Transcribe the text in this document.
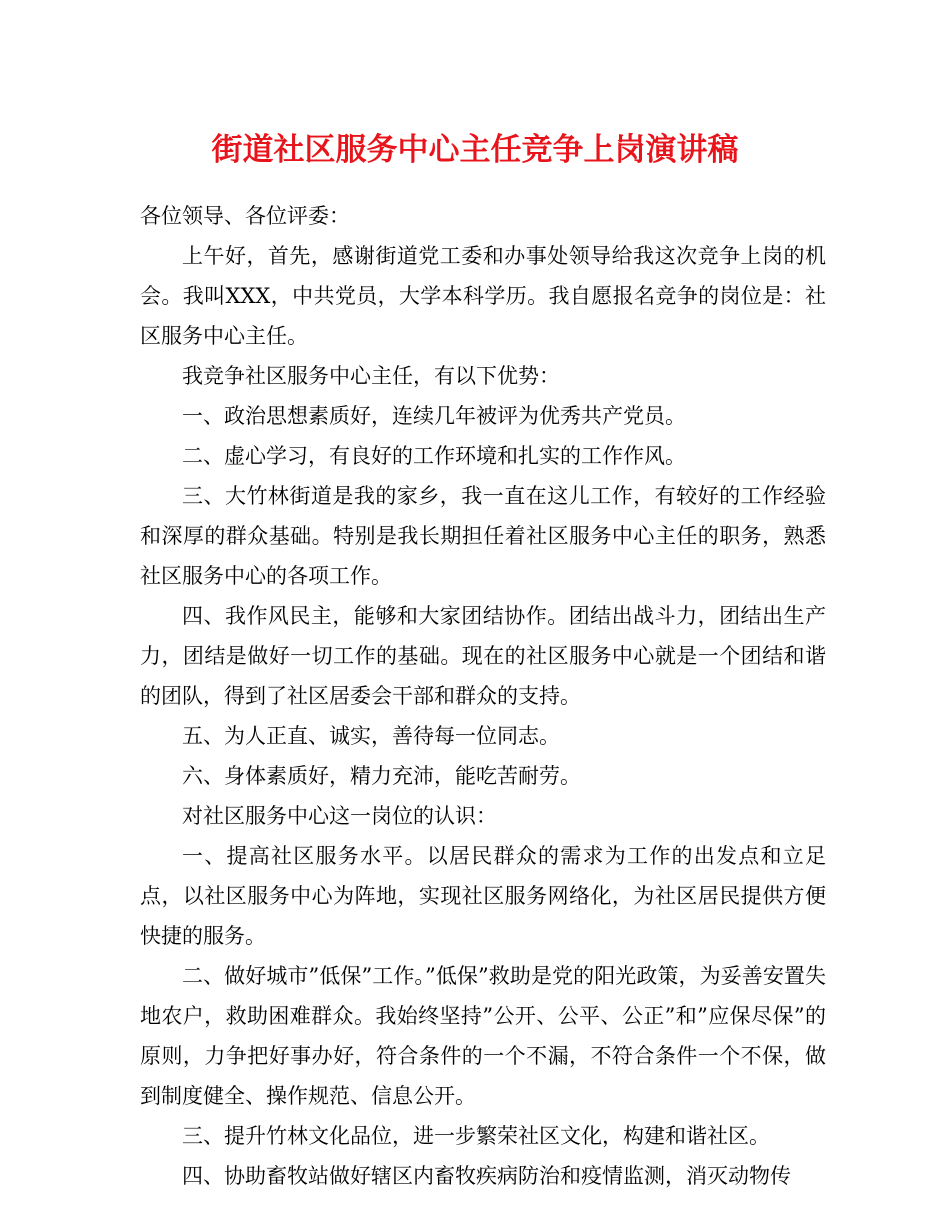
街道社区服务中心主任竞争上岗演讲稿

各位领导、各位评委：

上午好，首先，感谢街道党工委和办事处领导给我这次竞争上岗的机会。我叫XXX，中共党员，大学本科学历。我自愿报名竞争的岗位是：社区服务中心主任。

我竞争社区服务中心主任，有以下优势：

一、政治思想素质好，连续几年被评为优秀共产党员。

二、虚心学习，有良好的工作环境和扎实的工作作风。

三、大竹林街道是我的家乡，我一直在这儿工作，有较好的工作经验和深厚的群众基础。特别是我长期担任着社区服务中心主任的职务，熟悉社区服务中心的各项工作。

四、我作风民主，能够和大家团结协作。团结出战斗力，团结出生产力，团结是做好一切工作的基础。现在的社区服务中心就是一个团结和谐的团队，得到了社区居委会干部和群众的支持。

五、为人正直、诚实，善待每一位同志。

六、身体素质好，精力充沛，能吃苦耐劳。

对社区服务中心这一岗位的认识：

一、提高社区服务水平。以居民群众的需求为工作的出发点和立足点，以社区服务中心为阵地，实现社区服务网络化，为社区居民提供方便快捷的服务。

二、做好城市”低保”工作。”低保”救助是党的阳光政策，为妥善安置失地农户，救助困难群众。我始终坚持”公开、公平、公正”和”应保尽保”的原则，力争把好事办好，符合条件的一个不漏，不符合条件一个不保，做到制度健全、操作规范、信息公开。

三、提升竹林文化品位，进一步繁荣社区文化，构建和谐社区。

四、协助畜牧站做好辖区内畜牧疾病防治和疫情监测，消灭动物传
